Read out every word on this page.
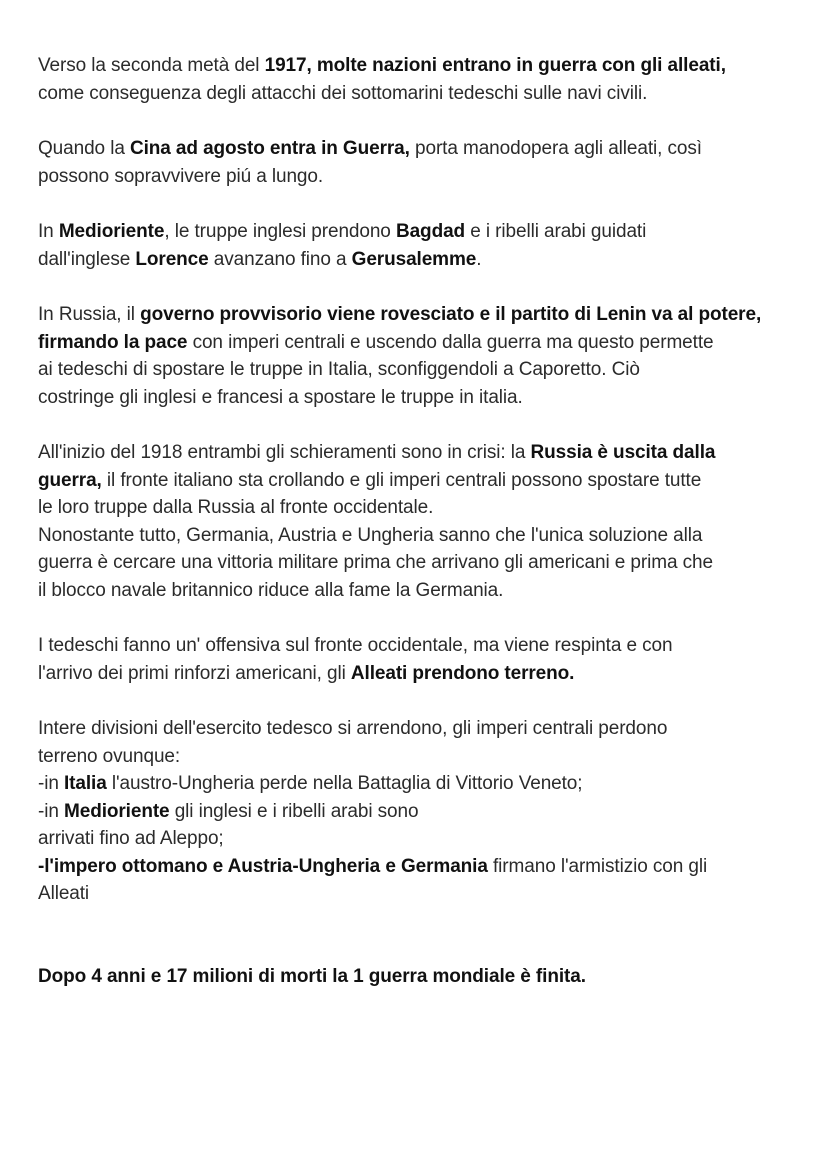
Verso la seconda metà del 1917, molte nazioni entrano in guerra con gli alleati,
come conseguenza degli attacchi dei sottomarini tedeschi sulle navi civili.

Quando la Cina ad agosto entra in Guerra, porta manodopera agli alleati, così
possono sopravvivere piú a lungo.

In Medioriente, le truppe inglesi prendono Bagdad e i ribelli arabi guidati
dall'inglese Lorence avanzano fino a Gerusalemme.

In Russia, il governo provvisorio viene rovesciato e il partito di Lenin va al potere,
firmando la pace con imperi centrali e uscendo dalla guerra ma questo permette
ai tedeschi di spostare le truppe in Italia, sconfiggendoli a Caporetto. Ciò
costringe gli inglesi e francesi a spostare le truppe in italia.

All'inizio del 1918 entrambi gli schieramenti sono in crisi: la Russia è uscita dalla
guerra, il fronte italiano sta crollando e gli imperi centrali possono spostare tutte
le loro truppe dalla Russia al fronte occidentale.
Nonostante tutto, Germania, Austria e Ungheria sanno che l'unica soluzione alla
guerra è cercare una vittoria militare prima che arrivano gli americani e prima che
il blocco navale britannico riduce alla fame la Germania.

I tedeschi fanno un' offensiva sul fronte occidentale, ma viene respinta e con
l'arrivo dei primi rinforzi americani, gli Alleati prendono terreno.

Intere divisioni dell'esercito tedesco si arrendono, gli imperi centrali perdono
terreno ovunque:
-in Italia l'austro-Ungheria perde nella Battaglia di Vittorio Veneto;
-in Medioriente gli inglesi e i ribelli arabi sono
arrivati fino ad Aleppo;
-l'impero ottomano e Austria-Ungheria e Germania firmano l'armistizio con gli
Alleati

Dopo 4 anni e 17 milioni di morti la 1 guerra mondiale è finita.
